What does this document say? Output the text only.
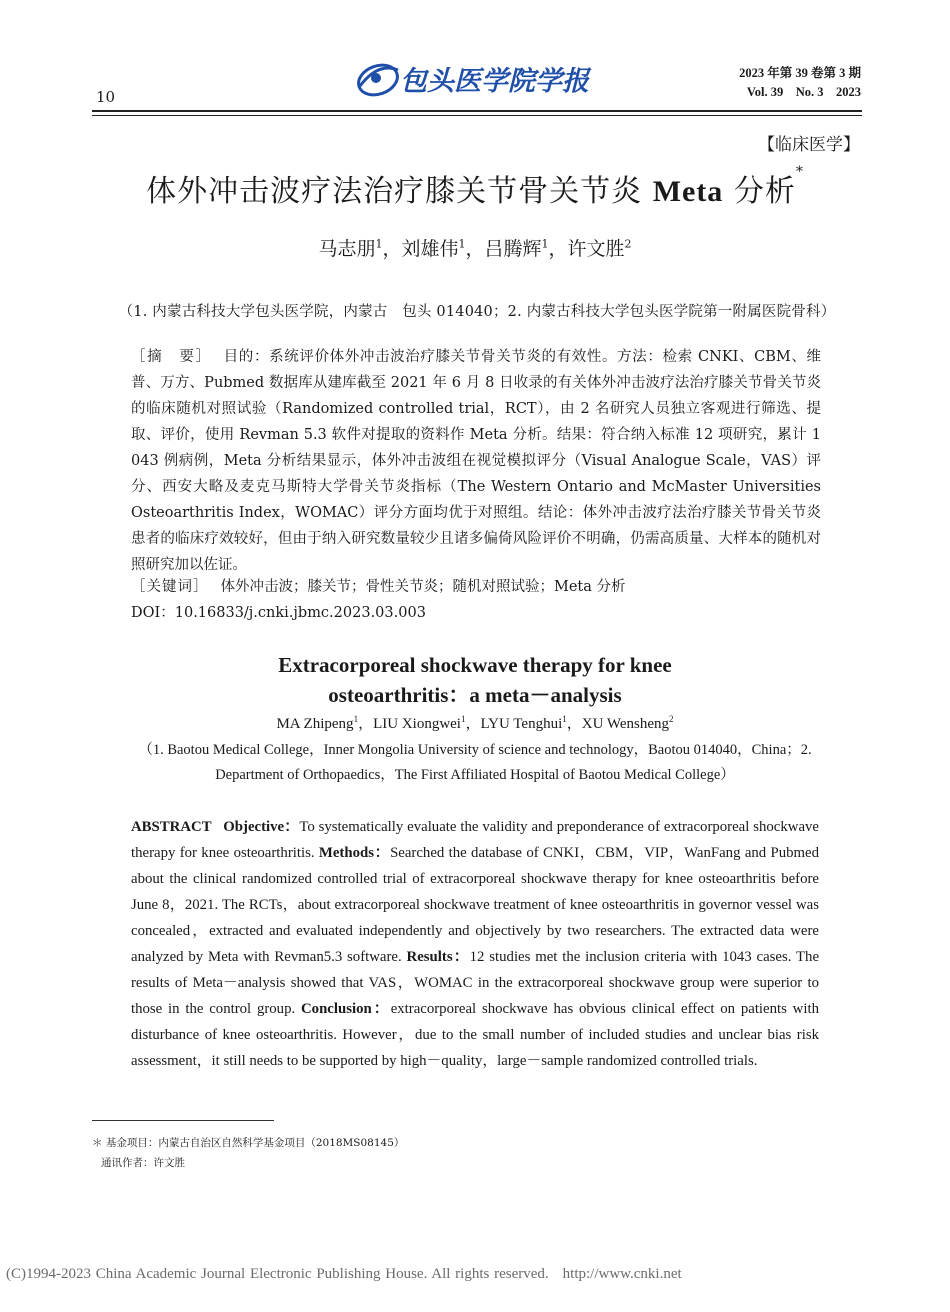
10	包头医学院学报	2023 年第 39 卷第 3 期
Vol. 39    No. 3    2023
【临床医学】
体外冲击波疗法治疗膝关节骨关节炎 Meta 分析*
马志朋$^1$，刘雄伟$^1$，吕腾辉$^1$，许文胜$^2$
（1. 内蒙古科技大学包头医学院，内蒙古　包头 014040；2. 内蒙古科技大学包头医学院第一附属医院骨科）
［摘　要］ 目的：系统评价体外冲击波治疗膝关节骨关节炎的有效性。方法：检索 CNKI、CBM、维普、万方、Pubmed 数据库从建库截至 2021 年 6 月 8 日收录的有关体外冲击波疗法治疗膝关节骨关节炎的临床随机对照试验（Randomized controlled trial，RCT），由 2 名研究人员独立客观进行筛选、提取、评价，使用 Revman 5.3 软件对提取的资料作 Meta 分析。结果：符合纳入标准 12 项研究，累计 1 043 例病例，Meta 分析结果显示，体外冲击波组在视觉模拟评分（Visual Analogue Scale，VAS）评分、西安大略及麦克马斯特大学骨关节炎指标（The Western Ontario and McMaster Universities Osteoarthritis Index，WOMAC）评分方面均优于对照组。结论：体外冲击波疗法治疗膝关节骨关节炎患者的临床疗效较好，但由于纳入研究数量较少且诸多偏倚风险评价不明确，仍需高质量、大样本的随机对照研究加以佐证。
［关键词］ 体外冲击波；膝关节；骨性关节炎；随机对照试验；Meta 分析
DOI：10.16833/j.cnki.jbmc.2023.03.003
Extracorporeal shockwave therapy for knee
osteoarthritis：a meta－analysis
MA Zhipeng$^1$，LIU Xiongwei$^1$，LYU Tenghui$^1$，XU Wensheng$^2$
（1. Baotou Medical College，Inner Mongolia University of science and technology，Baotou 014040，China；2. Department of Orthopaedics，The First Affiliated Hospital of Baotou Medical College）
ABSTRACT Objective：To systematically evaluate the validity and preponderance of extracorporeal shockwave therapy for knee osteoarthritis. Methods：Searched the database of CNKI，CBM，VIP，WanFang and Pubmed about the clinical randomized controlled trial of extracorporeal shockwave therapy for knee osteoarthritis before June 8，2021. The RCTs，about extracorporeal shockwave treatment of knee osteoarthritis in governor vessel was concealed，extracted and evaluated independently and objectively by two researchers. The extracted data were analyzed by Meta with Revman5.3 software. Results：12 studies met the inclusion criteria with 1043 cases. The results of Meta－analysis showed that VAS，WOMAC in the extracorporeal shockwave group were superior to those in the control group. Conclusion：extracorporeal shockwave has obvious clinical effect on patients with disturbance of knee osteoarthritis. However，due to the small number of included studies and unclear bias risk assessment，it still needs to be supported by high－quality，large－sample randomized controlled trials.
＊ 基金项目：内蒙古自治区自然科学基金项目（2018MS08145）
通讯作者：许文胜
(C)1994-2023 China Academic Journal Electronic Publishing House. All rights reserved. http://www.cnki.net
